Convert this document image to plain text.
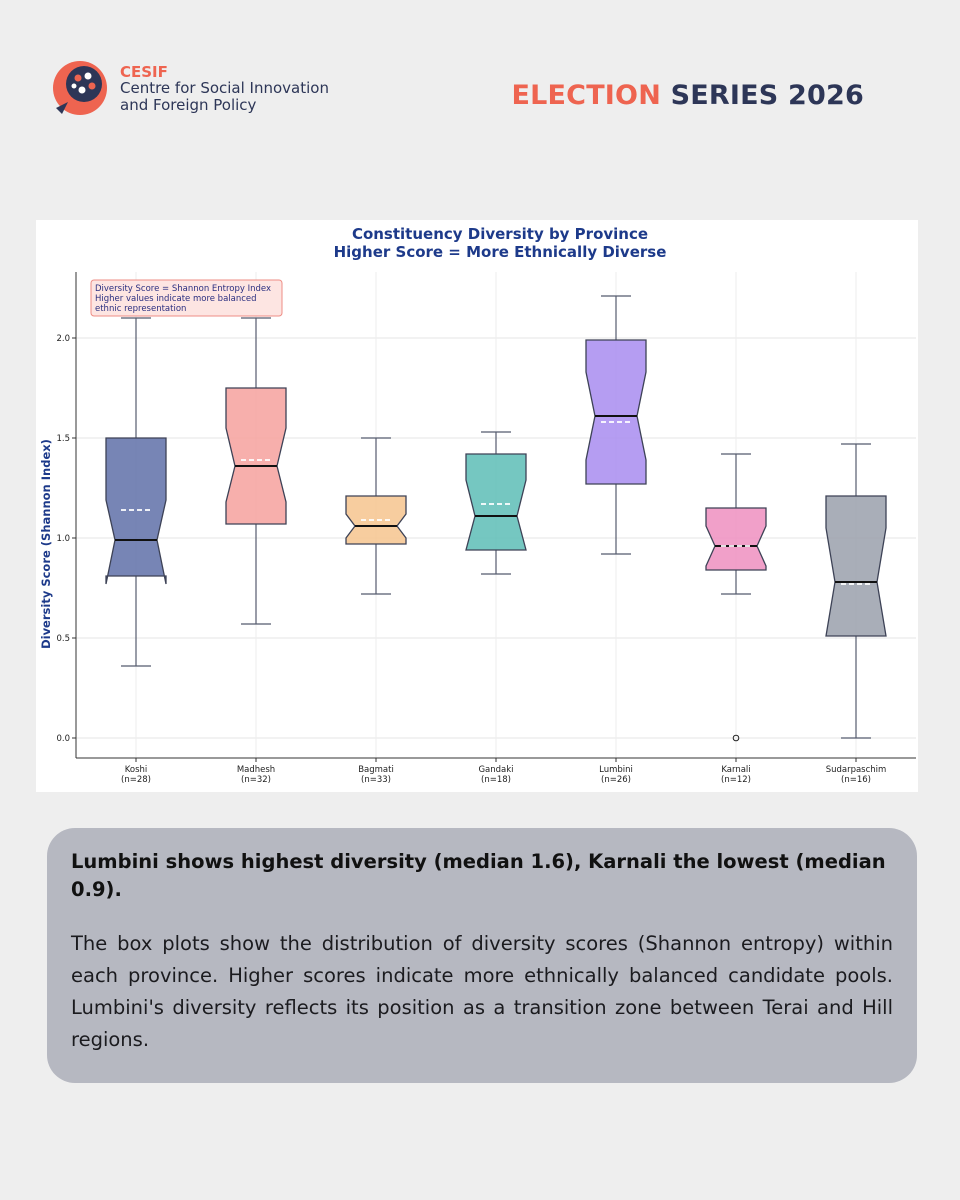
CESIF
Centre for Social Innovation
and Foreign Policy	ELECTION SERIES 2026
Constituency Diversity by Province
Higher Score = More Ethnically Diverse
Diversity Score (Shannon Index)
0.0
0.5
1.0
1.5
2.0
Koshi
(n=28)
Madhesh
(n=32)
Bagmati
(n=33)
Gandaki
(n=18)
Lumbini
(n=26)
Karnali
(n=12)
Sudarpaschim
(n=16)
Diversity Score = Shannon Entropy Index
Higher values indicate more balanced
ethnic representation
Lumbini shows highest diversity (median 1.6), Karnali the lowest (median 0.9).
The box plots show the distribution of diversity scores (Shannon entropy) within each province. Higher scores indicate more ethnically balanced candidate pools. Lumbini's diversity reflects its position as a transition zone between Terai and Hill regions.
